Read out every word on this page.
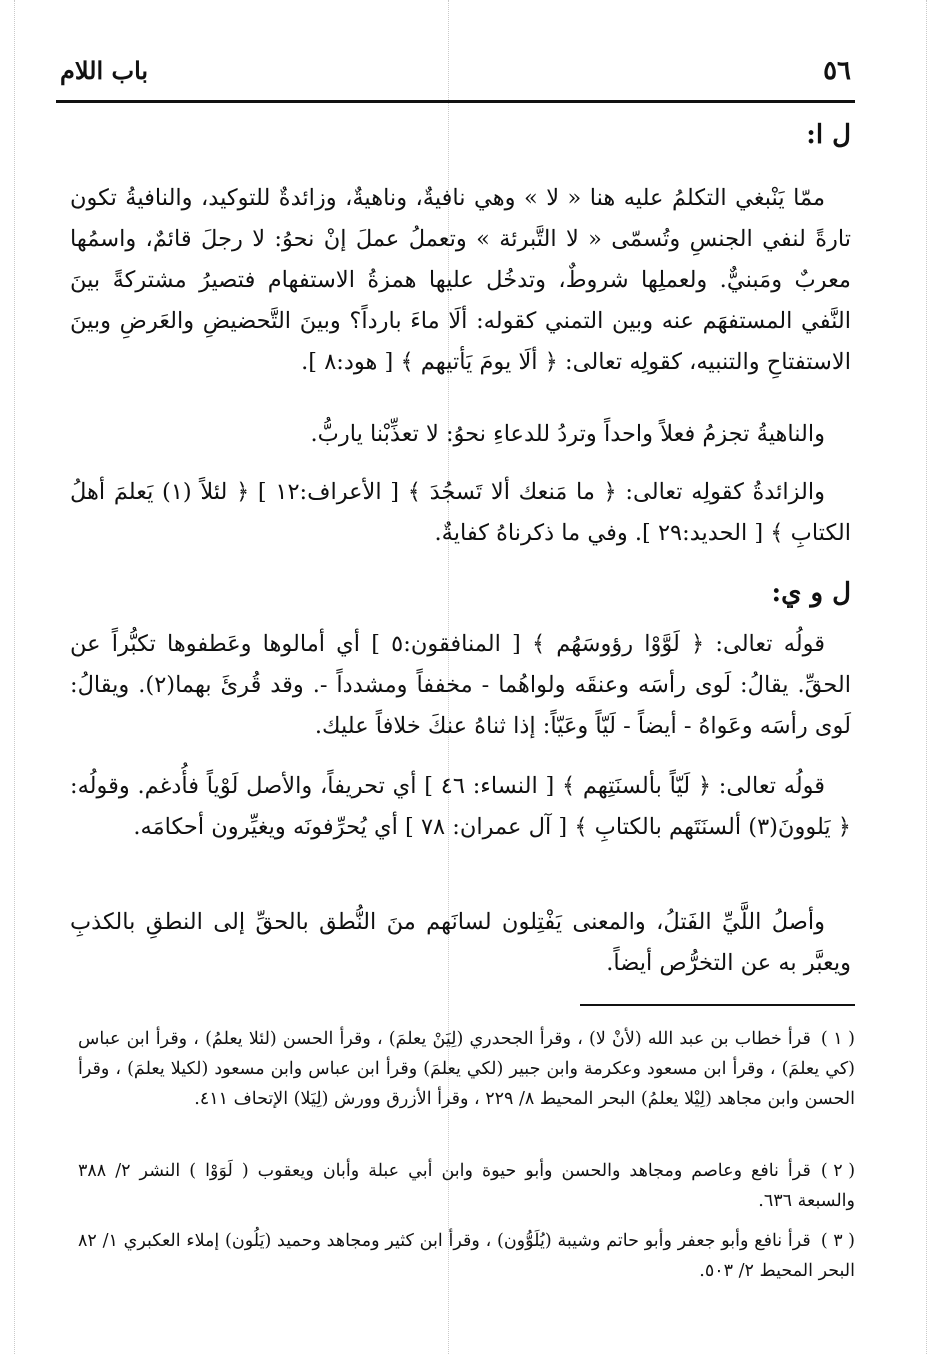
٥٦
باب اللام
ل ا:

ممّا يَنْبغي التكلمُ عليه هنا « لا » وهي نافيةٌ، وناهيةٌ، وزائدةٌ للتوكيد، والنافيةُ تكون تارةً لنفي الجنسِ وتُسمّى « لا التَّبرئة » وتعملُ عملَ إنْ نحوُ: لا رجلَ قائمٌ، واسمُها معربٌ ومَبنيٌّ. ولعملِها شروطٌ، وتدخُل عليها همزةُ الاستفهام فتصيرُ مشتركةً بينَ النَّفي المستفهَم عنه وبين التمني كقوله: ألَا ماءَ بارداً؟ وبينَ التَّحضيضِ والعَرضِ وبينَ الاستفتاحِ والتنبيه، كقولِه تعالى: ﴿ ألَا يومَ يَأتيهم ﴾ [ هود:٨ ].

والناهيةُ تجزمُ فعلاً واحداً وتردُ للدعاءِ نحوُ: لا تعذِّبْنا ياربُّ.

والزائدةُ كقولِه تعالى: ﴿ ما مَنعك ألا تَسجُدَ ﴾ [ الأعراف:١٢ ] ﴿ لئلاً (١) يَعلمَ أهلُ الكتابِ ﴾ [ الحديد:٢٩ ]. وفي ما ذكرناهُ كفايةٌ.

ل و ي:

قولُه تعالى: ﴿ لَوَّوْا رؤوسَهُم ﴾ [ المنافقون:٥ ] أي أمالوها وعَطفوها تكبُّراً عن الحقِّ. يقالُ: لَوى رأسَه وعنقَه ولواهُما - مخففاً ومشدداً -. وقد قُرئَ بهما(٢). ويقالُ: لَوى رأسَه وعَواهُ - أيضاً - لَيّاً وعَيّاً: إذا ثناهُ عنكَ خلافاً عليك.

قولُه تعالى: ﴿ لَيّاً بألسنَتِهم ﴾ [ النساء: ٤٦ ] أي تحريفاً، والأصل لَوْياً فأُدغم. وقولُه: ﴿ يَلوونَ(٣) ألسنَتَهم بالكتابِ ﴾ [ آل عمران: ٧٨ ] أي يُحرِّفونَه ويغيِّرون أحكامَه.

وأصلُ اللَّيِّ الفَتلُ، والمعنى يَفْتِلون لسانَهم منَ النُّطق بالحقِّ إلى النطقِ بالكذبِ ويعبَّر به عن التخرُّص أيضاً.

( ١ )قرأ خطاب بن عبد الله (لأنْ لا) ، وقرأ الجحدري (لِيَنْ يعلمَ) ، وقرأ الحسن (لئلا يعلمُ) ، وقرأ ابن عباس (كي يعلمَ) ، وقرأ ابن مسعود وعكرمة وابن جبير (لكي يعلمَ) وقرأ ابن عباس وابن مسعود (لكيلا يعلمَ) ، وقرأ الحسن وابن مجاهد (لِيْلا يعلمُ) البحر المحيط ٨/ ٢٢٩ ، وقرأ الأزرق وورش (لِيَلا) الإتحاف ٤١١.

( ٢ )قرأ نافع وعاصم ومجاهد والحسن وأبو حيوة وابن أبي عبلة وأبان ويعقوب ( لَوَوْا ) النشر ٢/ ٣٨٨ والسبعة ٦٣٦.

( ٣ )قرأ نافع وأبو جعفر وأبو حاتم وشيبة (يُلَوُّون) ، وقرأ ابن كثير ومجاهد وحميد (يَلُون) إملاء العكبري ١/ ٨٢ البحر المحيط ٢/ ٥٠٣.
